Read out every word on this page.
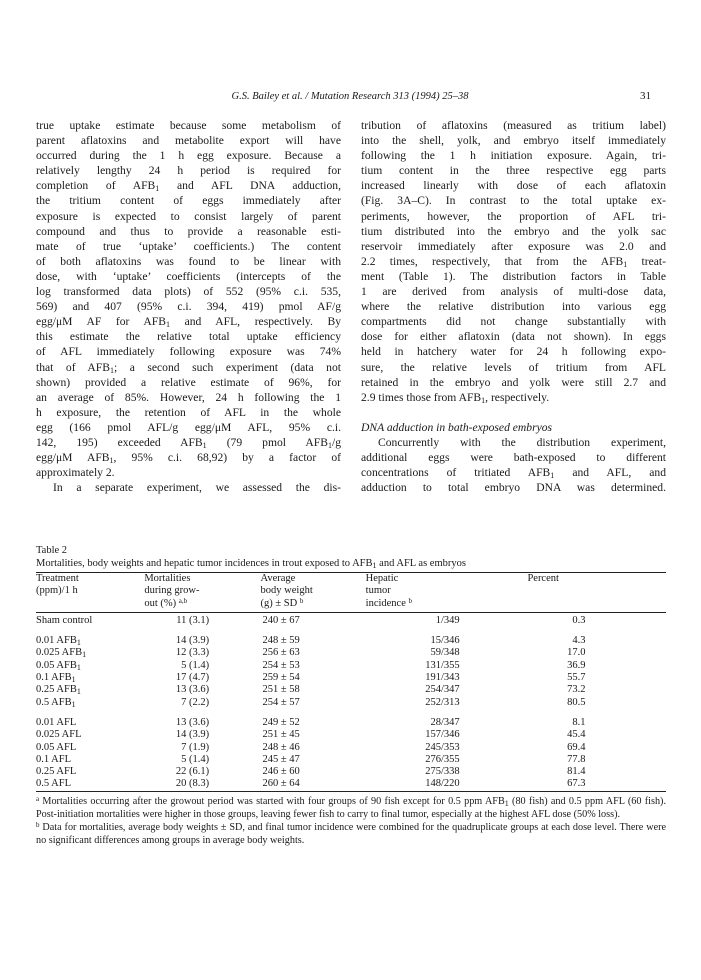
G.S. Bailey et al. / Mutation Research 313 (1994) 25–38	31
true uptake estimate because some metabolism of
parent aflatoxins and metabolite export will have
occurred during the 1 h egg exposure. Because a
relatively lengthy 24 h period is required for
completion of $AFB_1$ and AFL DNA adduction,
the tritium content of eggs immediately after
exposure is expected to consist largely of parent
compound and thus to provide a reasonable esti-
mate of true ‘uptake’ coefficients.) The content
of both aflatoxins was found to be linear with
dose, with ‘uptake’ coefficients (intercepts of the
log transformed data plots) of 552 (95% c.i. 535,
569) and 407 (95% c.i. 394, 419) pmol AF/g
egg/μM AF for $AFB_1$ and AFL, respectively. By
this estimate the relative total uptake efficiency
of AFL immediately following exposure was 74%
that of $AFB_1$; a second such experiment (data not
shown) provided a relative estimate of 96%, for
an average of 85%. However, 24 h following the 1
h exposure, the retention of AFL in the whole
egg (166 pmol AFL/g egg/μM AFL, 95% c.i.
142, 195) exceeded $AFB_1$ (79 pmol $AFB_1/g$
egg/μM $AFB_1$, 95% c.i. 68,92) by a factor of
approximately 2.
In a separate experiment, we assessed the dis-
tribution of aflatoxins (measured as tritium label)
into the shell, yolk, and embryo itself immediately
following the 1 h initiation exposure. Again, tri-
tium content in the three respective egg parts
increased linearly with dose of each aflatoxin
(Fig. 3A–C). In contrast to the total uptake ex-
periments, however, the proportion of AFL tri-
tium distributed into the embryo and the yolk sac
reservoir immediately after exposure was 2.0 and
2.2 times, respectively, that from the $AFB_1$ treat-
ment (Table 1). The distribution factors in Table
1 are derived from analysis of multi-dose data,
where the relative distribution into various egg
compartments did not change substantially with
dose for either aflatoxin (data not shown). In eggs
held in hatchery water for 24 h following expo-
sure, the relative levels of tritium from AFL
retained in the embryo and yolk were still 2.7 and
2.9 times those from $AFB_1$, respectively.

DNA adduction in bath-exposed embryos
Concurrently with the distribution experiment,
additional eggs were bath-exposed to different
concentrations of tritiated $AFB_1$ and AFL, and
adduction to total embryo DNA was determined.
Table 2
Mortalities, body weights and hepatic tumor incidences in trout exposed to $AFB_1$ and AFL as embryos
Treatment	Mortalities	Average	Hepatic	Percent
(ppm)/1 h	during grow-	body weight	tumor	
	out (%) $^{a,b}$	(g) ± SD $^b$	incidence $^b$	

Sham control	11 (3.1)	240 ± 67	1/349	0.3

0.01 $AFB_1$	14 (3.9)	248 ± 59	15/346	4.3
0.025 $AFB_1$	12 (3.3)	256 ± 63	59/348	17.0
0.05 $AFB_1$	5 (1.4)	254 ± 53	131/355	36.9
0.1 $AFB_1$	17 (4.7)	259 ± 54	191/343	55.7
0.25 $AFB_1$	13 (3.6)	251 ± 58	254/347	73.2
0.5 $AFB_1$	7 (2.2)	254 ± 57	252/313	80.5

0.01 AFL	13 (3.6)	249 ± 52	28/347	8.1
0.025 AFL	14 (3.9)	251 ± 45	157/346	45.4
0.05 AFL	7 (1.9)	248 ± 46	245/353	69.4
0.1 AFL	5 (1.4)	245 ± 47	276/355	77.8
0.25 AFL	22 (6.1)	246 ± 60	275/338	81.4
0.5 AFL	20 (8.3)	260 ± 64	148/220	67.3

$^a$ Mortalities occurring after the growout period was started with four groups of 90 fish except for 0.5 ppm $AFB_1$ (80 fish) and 0.5 ppm AFL (60 fish). Post-initiation mortalities were higher in those groups, leaving fewer fish to carry to final tumor, especially at the highest AFL dose (50% loss).

$^b$ Data for mortalities, average body weights ± SD, and final tumor incidence were combined for the quadruplicate groups at each dose level. There were no significant differences among groups in average body weights.
